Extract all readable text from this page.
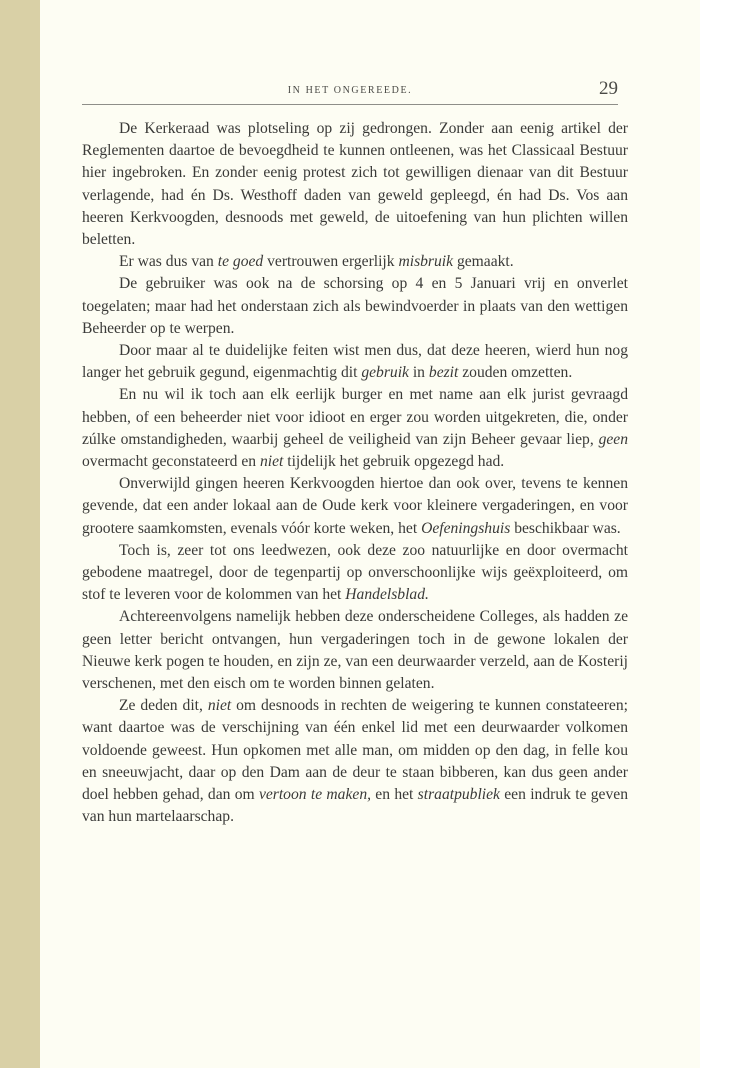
IN HET ONGEREEDE.	29

De Kerkeraad was plotseling op zij gedrongen. Zonder aan eenig artikel der Reglementen daartoe de bevoegdheid te kunnen ontleenen, was het Classicaal Bestuur hier ingebroken. En zonder eenig protest zich tot gewilligen dienaar van dit Bestuur verlagende, had én Ds. Westhoff daden van geweld gepleegd, én had Ds. Vos aan heeren Kerkvoogden, desnoods met geweld, de uitoefening van hun plichten willen beletten.

Er was dus van te goed vertrouwen ergerlijk misbruik gemaakt.

De gebruiker was ook na de schorsing op 4 en 5 Januari vrij en onverlet toegelaten; maar had het onderstaan zich als bewindvoerder in plaats van den wettigen Beheerder op te werpen.

Door maar al te duidelijke feiten wist men dus, dat deze heeren, wierd hun nog langer het gebruik gegund, eigenmachtig dit gebruik in bezit zouden omzetten.

En nu wil ik toch aan elk eerlijk burger en met name aan elk jurist gevraagd hebben, of een beheerder niet voor idioot en erger zou worden uitgekreten, die, onder zúlke omstandigheden, waarbij geheel de veiligheid van zijn Beheer gevaar liep, geen overmacht geconstateerd en niet tijdelijk het gebruik opgezegd had.

Onverwijld gingen heeren Kerkvoogden hiertoe dan ook over, tevens te kennen gevende, dat een ander lokaal aan de Oude kerk voor kleinere vergaderingen, en voor grootere saamkomsten, evenals vóór korte weken, het Oefeningshuis beschikbaar was.

Toch is, zeer tot ons leedwezen, ook deze zoo natuurlijke en door overmacht gebodene maatregel, door de tegenpartij op onverschoonlijke wijs geëxploiteerd, om stof te leveren voor de kolommen van het Handelsblad.

Achtereenvolgens namelijk hebben deze onderscheidene Colleges, als hadden ze geen letter bericht ontvangen, hun vergaderingen toch in de gewone lokalen der Nieuwe kerk pogen te houden, en zijn ze, van een deurwaarder verzeld, aan de Kosterij verschenen, met den eisch om te worden binnen gelaten.

Ze deden dit, niet om desnoods in rechten de weigering te kunnen constateeren; want daartoe was de verschijning van één enkel lid met een deurwaarder volkomen voldoende geweest. Hun opkomen met alle man, om midden op den dag, in felle kou en sneeuwjacht, daar op den Dam aan de deur te staan bibberen, kan dus geen ander doel hebben gehad, dan om vertoon te maken, en het straatpubliek een indruk te geven van hun martelaarschap.
